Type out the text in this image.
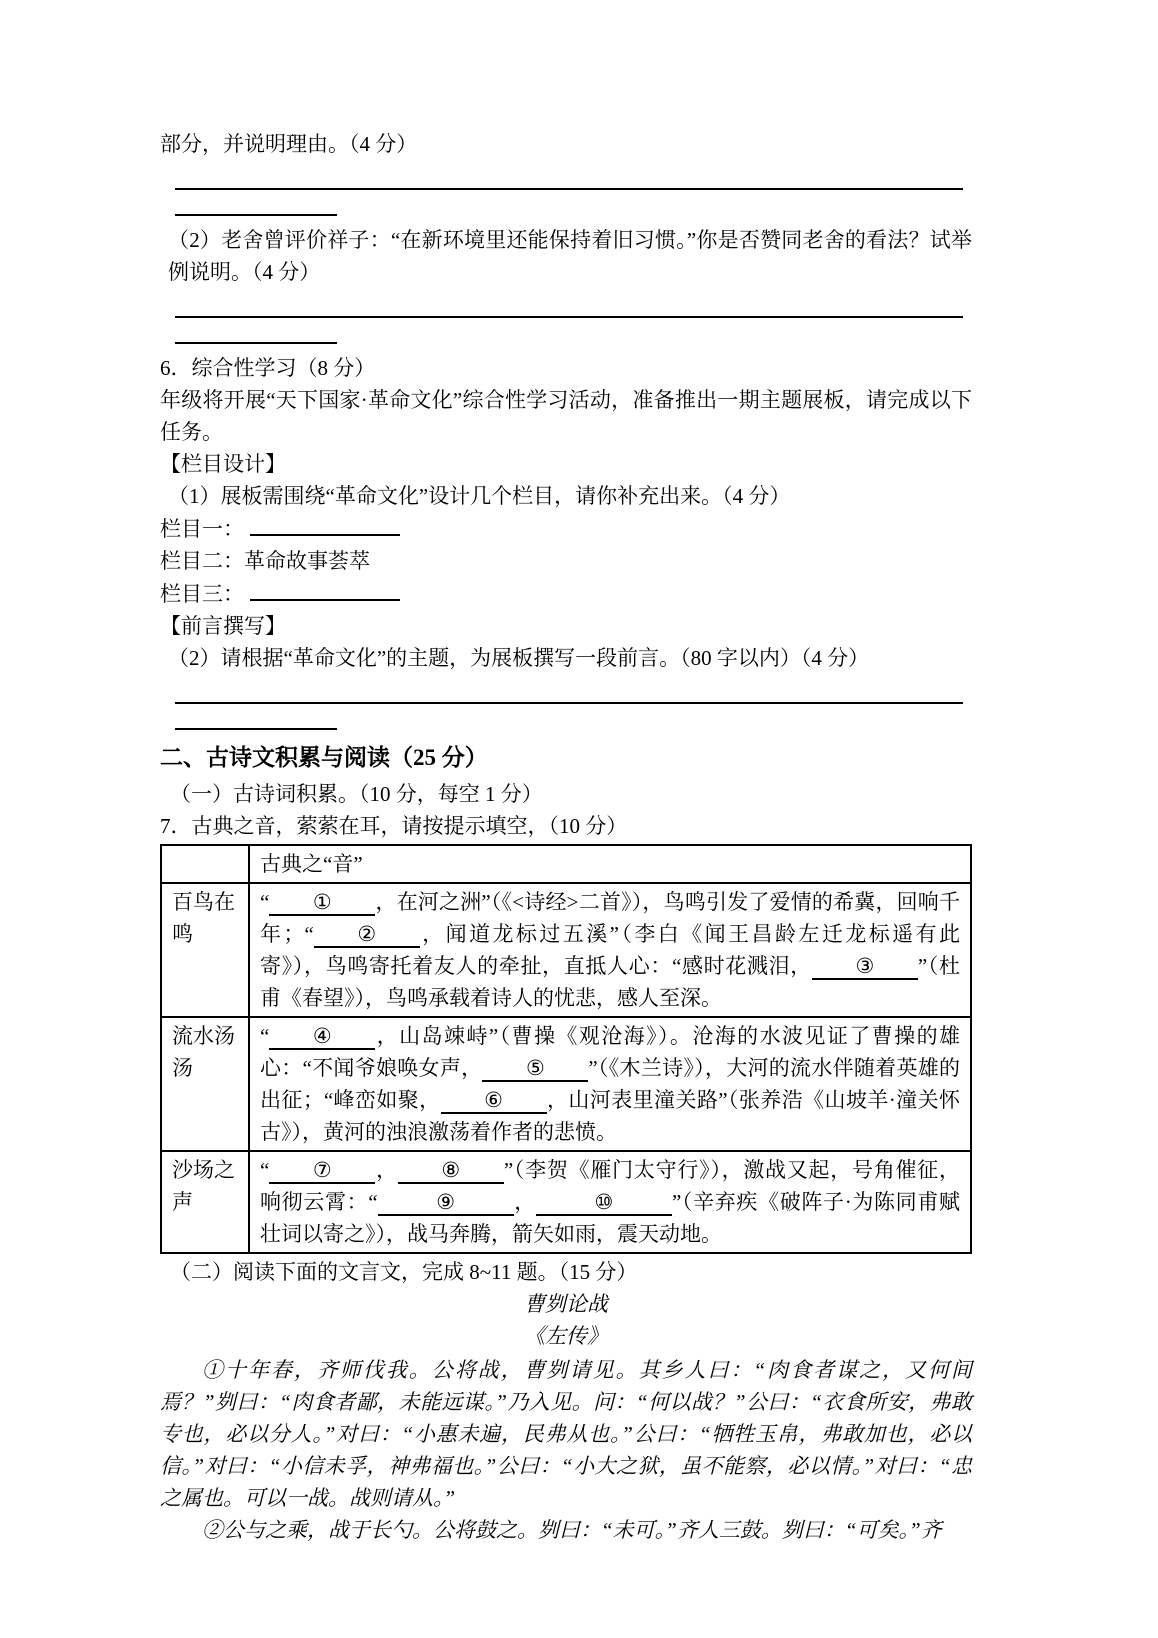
部分，并说明理由。（4 分）

（2）老舍曾评价祥子：“在新环境里还能保持着旧习惯。”你是否赞同老舍的看法？试举例说明。（4 分）

6．综合性学习（8 分）

年级将开展“天下国家·革命文化”综合性学习活动，准备推出一期主题展板，请完成以下任务。

【栏目设计】

（1）展板需围绕“革命文化”设计几个栏目，请你补充出来。（4 分）

栏目一：

栏目二：革命故事荟萃

栏目三：

【前言撰写】

（2）请根据“革命文化”的主题，为展板撰写一段前言。（80 字以内）（4 分）

二、古诗文积累与阅读（25 分）

（一）古诗词积累。（10 分，每空 1 分）

7．古典之音，萦萦在耳，请按提示填空，（10 分）

	古典之“音”
百鸟在鸣	“ ① ，在河之洲”（《<诗经>二首》），鸟鸣引发了爱情的希冀，回响千年；“ ② ，闻道龙标过五溪”（李白《闻王昌龄左迁龙标遥有此寄》），鸟鸣寄托着友人的牵扯，直抵人心：“感时花溅泪， ③ ”（杜甫《春望》），鸟鸣承载着诗人的忧悲，感人至深。
流水汤汤	“ ④ ，山岛竦峙”（曹操《观沧海》）。沧海的水波见证了曹操的雄心：“不闻爷娘唤女声， ⑤ ”（《木兰诗》），大河的流水伴随着英雄的出征；“峰峦如聚， ⑥ ，山河表里潼关路”（张养浩《山坡羊·潼关怀古》），黄河的浊浪激荡着作者的悲愤。
沙场之声	“ ⑦ ， ⑧ ”（李贺《雁门太守行》），激战又起，号角催征，响彻云霄：“ ⑨ ， ⑩ ”（辛弃疾《破阵子·为陈同甫赋壮词以寄之》），战马奔腾，箭矢如雨，震天动地。

（二）阅读下面的文言文，完成 8~11 题。（15 分）

曹刿论战

《左传》

①十年春，齐师伐我。公将战，曹刿请见。其乡人曰：“肉食者谋之，又何间焉？”刿曰：“肉食者鄙，未能远谋。”乃入见。问：“何以战？”公曰：“衣食所安，弗敢专也，必以分人。”对曰：“小惠未遍，民弗从也。”公曰：“牺牲玉帛，弗敢加也，必以信。”对曰：“小信未孚，神弗福也。”公曰：“小大之狱，虽不能察，必以情。”对曰：“忠之属也。可以一战。战则请从。”

②公与之乘，战于长勺。公将鼓之。刿曰：“未可。”齐人三鼓。刿曰：“可矣。”齐
